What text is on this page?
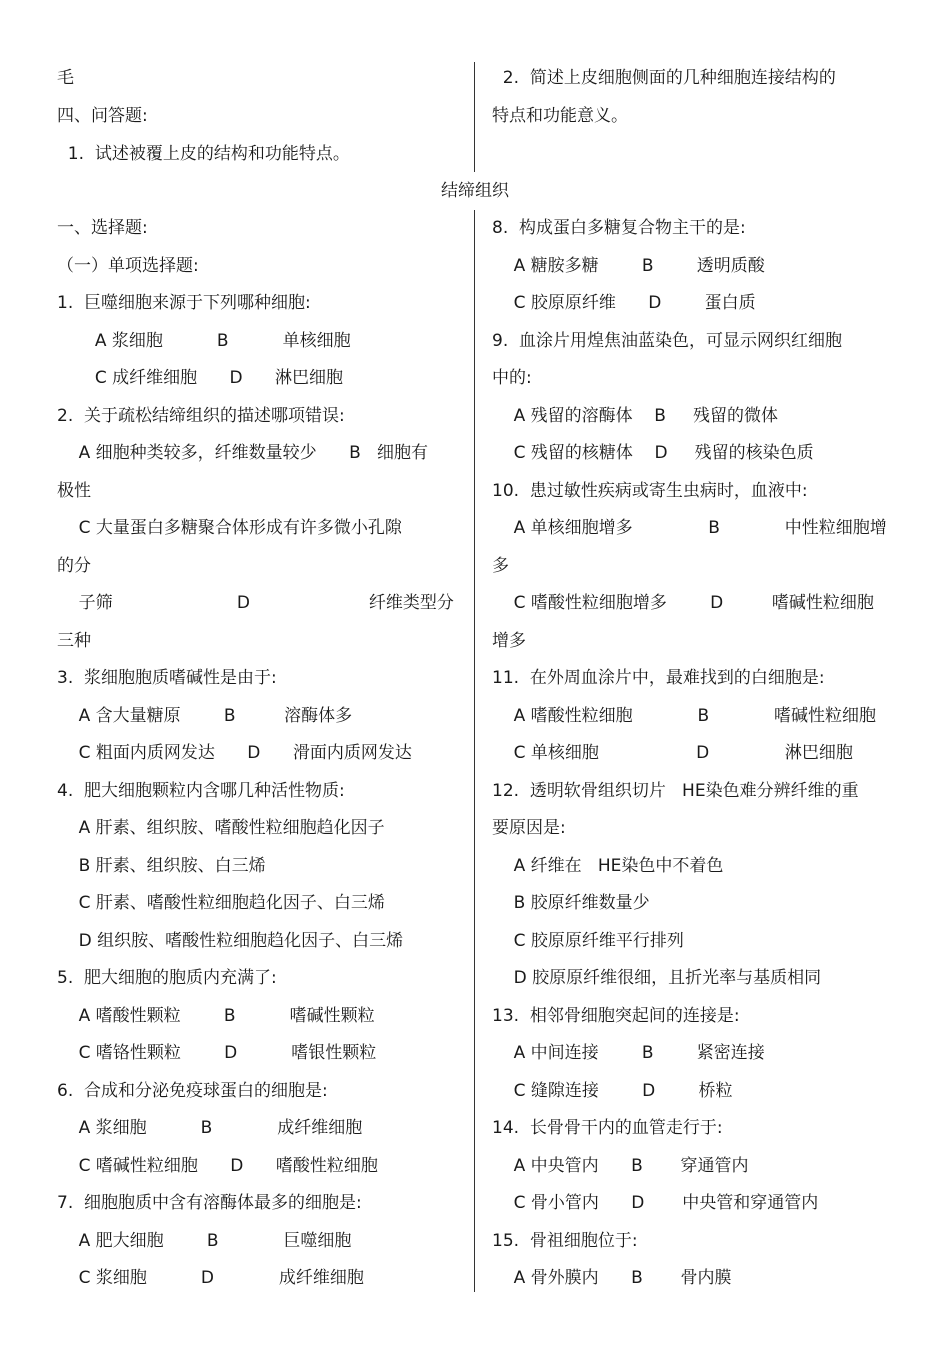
毛
四、问答题:
1.  试述被覆上皮的结构和功能特点。
2.  简述上皮细胞侧面的几种细胞连接结构的
特点和功能意义。
结缔组织
一、选择题:
（一）单项选择题:
1.  巨噬细胞来源于下列哪种细胞:
A 浆细胞          B          单核细胞
C 成纤维细胞      D      淋巴细胞
2.  关于疏松结缔组织的描述哪项错误:
A 细胞种类较多，纤维数量较少      B   细胞有
极性
C 大量蛋白多糖聚合体形成有许多微小孔隙
的分
子筛                       D                      纤维类型分
三种
3.  浆细胞胞质嗜碱性是由于:
A 含大量糖原        B         溶酶体多
C 粗面内质网发达      D      滑面内质网发达
4.  肥大细胞颗粒内含哪几种活性物质:
A 肝素、组织胺、嗜酸性粒细胞趋化因子
B 肝素、组织胺、白三烯
C 肝素、嗜酸性粒细胞趋化因子、白三烯
D 组织胺、嗜酸性粒细胞趋化因子、白三烯
5.  肥大细胞的胞质内充满了:
A 嗜酸性颗粒        B          嗜碱性颗粒
C 嗜铬性颗粒        D          嗜银性颗粒
6.  合成和分泌免疫球蛋白的细胞是:
A 浆细胞          B            成纤维细胞
C 嗜碱性粒细胞      D      嗜酸性粒细胞
7.  细胞胞质中含有溶酶体最多的细胞是:
A 肥大细胞        B            巨噬细胞
C 浆细胞          D            成纤维细胞
8.  构成蛋白多糖复合物主干的是:
A 糖胺多糖        B        透明质酸
C 胶原原纤维      D        蛋白质
9.  血涂片用煌焦油蓝染色，可显示网织红细胞
中的:
A 残留的溶酶体    B     残留的微体
C 残留的核糖体    D     残留的核染色质
10.  患过敏性疾病或寄生虫病时，血液中:
A 单核细胞增多              B            中性粒细胞增
多
C 嗜酸性粒细胞增多        D         嗜碱性粒细胞
增多
11.  在外周血涂片中，最难找到的白细胞是:
A 嗜酸性粒细胞            B            嗜碱性粒细胞
C 单核细胞                  D              淋巴细胞
12.  透明软骨组织切片   HE染色难分辨纤维的重
要原因是:
A 纤维在   HE染色中不着色
B 胶原纤维数量少
C 胶原原纤维平行排列
D 胶原原纤维很细，且折光率与基质相同
13.  相邻骨细胞突起间的连接是:
A 中间连接        B        紧密连接
C 缝隙连接        D        桥粒
14.  长骨骨干内的血管走行于:
A 中央管内      B       穿通管内
C 骨小管内      D       中央管和穿通管内
15.  骨祖细胞位于:
A 骨外膜内      B       骨内膜
